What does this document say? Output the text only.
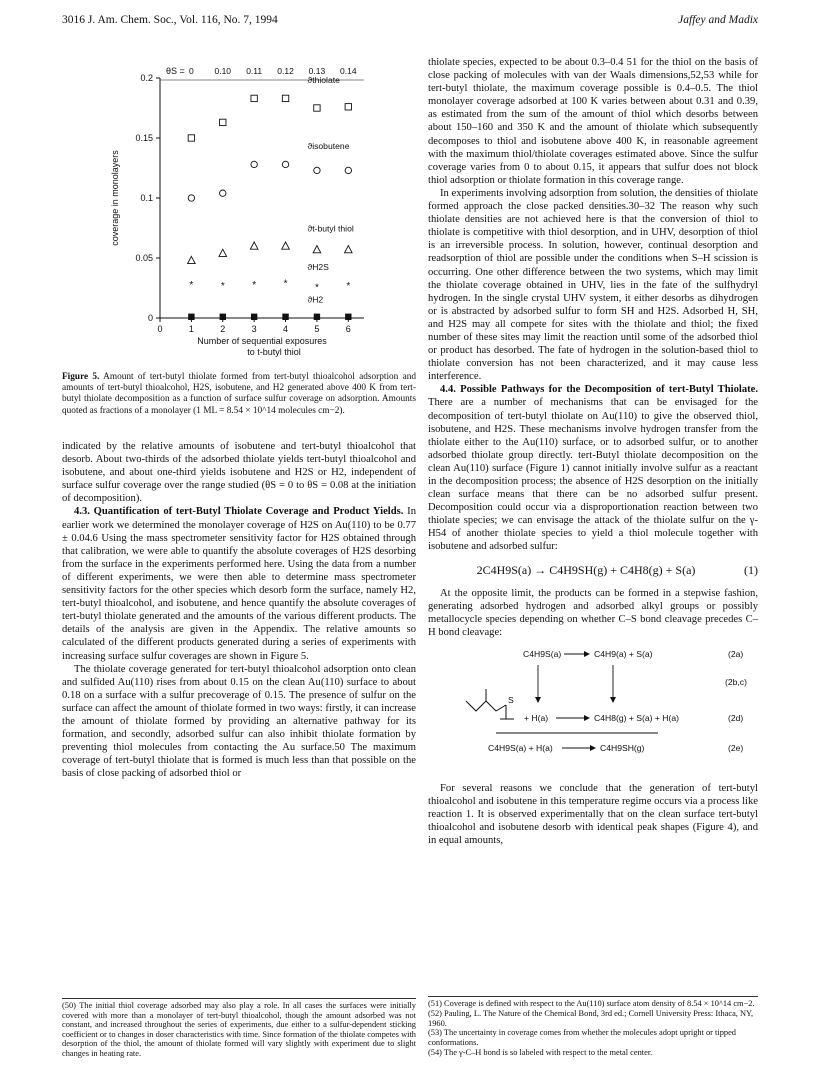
3016 J. Am. Chem. Soc., Vol. 116, No. 7, 1994	Jaffey and Madix
0
0.05
0.1
0.15
0.2
0	1	2	3	4	5	6
θS = 0 0.10 0.11 0.12 0.13 0.14
coverage in monolayers
Number of sequential exposures
to t-butyl thiol
*	*	*	*	*	*
ϑthiolate
ϑisobutene
ϑt-butyl thiol
ϑH2S
ϑH2
Figure 5. Amount of tert-butyl thiolate formed from tert-butyl thioalcohol adsorption and amounts of tert-butyl thioalcohol, H2S, isobutene, and H2 generated above 400 K from tert-butyl thiolate decomposition as a function of surface sulfur coverage on adsorption. Amounts quoted as fractions of a monolayer (1 ML = 8.54 × 10^14 molecules cm−2).

indicated by the relative amounts of isobutene and tert-butyl thioalcohol that desorb. About two-thirds of the adsorbed thiolate yields tert-butyl thioalcohol and isobutene, and about one-third yields isobutene and H2S or H2, independent of surface sulfur coverage over the range studied (θS = 0 to θS = 0.08 at the initiation of decomposition).

4.3. Quantification of tert-Butyl Thiolate Coverage and Product Yields. In earlier work we determined the monolayer coverage of H2S on Au(110) to be 0.77 ± 0.04.6 Using the mass spectrometer sensitivity factor for H2S obtained through that calibration, we were able to quantify the absolute coverages of H2S desorbing from the surface in the experiments performed here. Using the data from a number of different experiments, we were then able to determine mass spectrometer sensitivity factors for the other species which desorb form the surface, namely H2, tert-butyl thioalcohol, and isobutene, and hence quantify the absolute coverages of tert-butyl thiolate generated and the amounts of the various different products. The details of the analysis are given in the Appendix. The relative amounts so calculated of the different products generated during a series of experiments with increasing surface sulfur coverages are shown in Figure 5.

The thiolate coverage generated for tert-butyl thioalcohol adsorption onto clean and sulfided Au(110) rises from about 0.15 on the clean Au(110) surface to about 0.18 on a surface with a sulfur precoverage of 0.15. The presence of sulfur on the surface can affect the amount of thiolate formed in two ways: firstly, it can increase the amount of thiolate formed by providing an alternative pathway for its formation, and secondly, adsorbed sulfur can also inhibit thiolate formation by preventing thiol molecules from contacting the Au surface.50 The maximum coverage of tert-butyl thiolate that is formed is much less than that possible on the basis of close packing of adsorbed thiol or

thiolate species, expected to be about 0.3–0.4 51 for the thiol on the basis of close packing of molecules with van der Waals dimensions,52,53 while for tert-butyl thiolate, the maximum coverage possible is 0.4–0.5. The thiol monolayer coverage adsorbed at 100 K varies between about 0.31 and 0.39, as estimated from the sum of the amount of thiol which desorbs between about 150–160 and 350 K and the amount of thiolate which subsequently decomposes to thiol and isobutene above 400 K, in reasonable agreement with the maximum thiol/thiolate coverages estimated above. Since the sulfur coverage varies from 0 to about 0.15, it appears that sulfur does not block thiol adsorption or thiolate formation in this coverage range.

In experiments involving adsorption from solution, the densities of thiolate formed approach the close packed densities.30–32 The reason why such thiolate densities are not achieved here is that the conversion of thiol to thiolate is competitive with thiol desorption, and in UHV, desorption of thiol is an irreversible process. In solution, however, continual desorption and readsorption of thiol are possible under the conditions when S–H scission is occurring. One other difference between the two systems, which may limit the thiolate coverage obtained in UHV, lies in the fate of the sulfhydryl hydrogen. In the single crystal UHV system, it either desorbs as dihydrogen or is abstracted by adsorbed sulfur to form SH and H2S. Adsorbed H, SH, and H2S may all compete for sites with the thiolate and thiol; the fixed number of these sites may limit the reaction until some of the adsorbed thiol or product has desorbed. The fate of hydrogen in the solution-based thiol to thiolate conversion has not been characterized, and it may cause less interference.

4.4. Possible Pathways for the Decomposition of tert-Butyl Thiolate. There are a number of mechanisms that can be envisaged for the decomposition of tert-butyl thiolate on Au(110) to give the observed thiol, isobutene, and H2S. These mechanisms involve hydrogen transfer from the thiolate either to the Au(110) surface, or to adsorbed sulfur, or to another adsorbed thiolate group directly. tert-Butyl thiolate decomposition on the clean Au(110) surface (Figure 1) cannot initially involve sulfur as a reactant in the decomposition process; the absence of H2S desorption on the initially clean surface means that there can be no adsorbed sulfur present. Decomposition could occur via a disproportionation reaction between two thiolate species; we can envisage the attack of the thiolate sulfur on the γ-H54 of another thiolate species to yield a thiol molecule together with isobutene and adsorbed sulfur:

2C4H9S(a) → C4H9SH(g) + C4H8(g) + S(a)	(1)

At the opposite limit, the products can be formed in a stepwise fashion, generating adsorbed hydrogen and adsorbed alkyl groups or possibly metallocycle species depending on whether C–S bond cleavage precedes C–H bond cleavage:

C4H9S(a)	C4H9(a) + S(a)	(2a)
(2b,c)
S
+ H(a)	C4H8(g) + S(a) + H(a)	(2d)
C4H9S(a) + H(a)	C4H9SH(g)	(2e)

For several reasons we conclude that the generation of tert-butyl thioalcohol and isobutene in this temperature regime occurs via a process like reaction 1. It is observed experimentally that on the clean surface tert-butyl thioalcohol and isobutene desorb with identical peak shapes (Figure 4), and in equal amounts,

(50) The initial thiol coverage adsorbed may also play a role. In all cases the surfaces were initially covered with more than a monolayer of tert-butyl thioalcohol, though the amount adsorbed was not constant, and increased throughout the series of experiments, due either to a sulfur-dependent sticking coefficient or to changes in doser characteristics with time. Since formation of the thiolate competes with desorption of the thiol, the amount of thiolate formed will vary slightly with experiment due to slight changes in heating rate.
(51) Coverage is defined with respect to the Au(110) surface atom density of 8.54 × 10^14 cm−2.
(52) Pauling, L. The Nature of the Chemical Bond, 3rd ed.; Cornell University Press: Ithaca, NY, 1960.
(53) The uncertainty in coverage comes from whether the molecules adopt upright or tipped conformations.
(54) The γ-C–H bond is so labeled with respect to the metal center.
